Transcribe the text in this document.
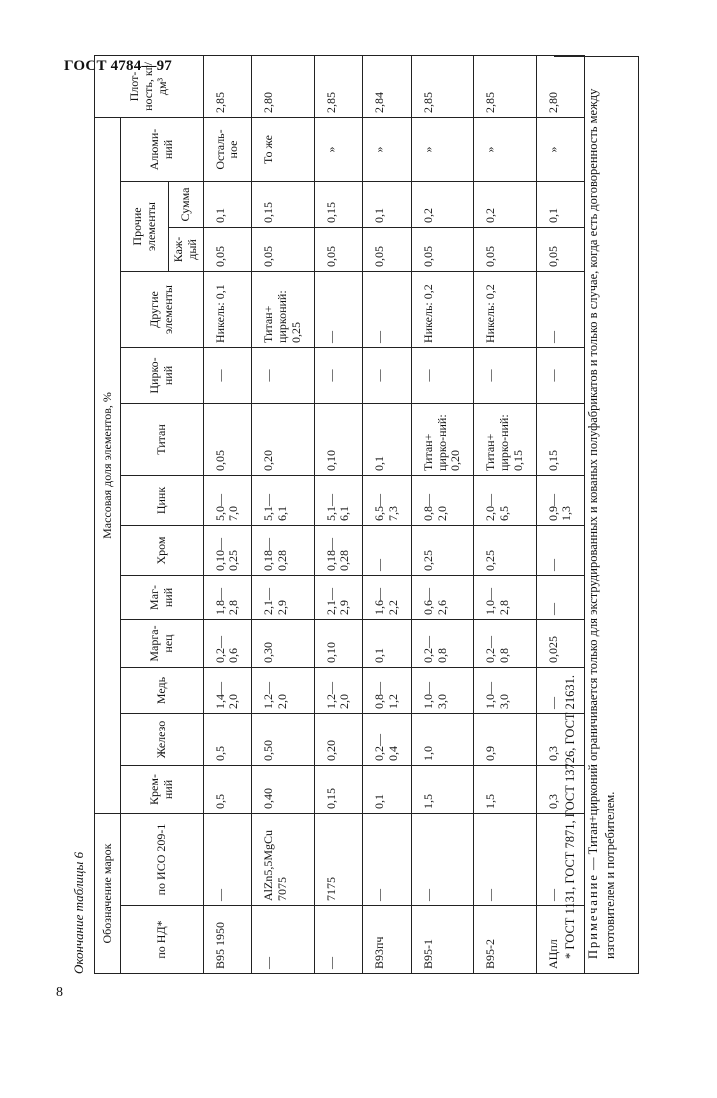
ГОСТ 4784—97
8
Окончание таблицы 6	Обозначение марок		Массовая доля элементов, %													Плот-ность, кг/дм³
по НД*	по ИСО 209-1	Крем-ний	Железо	Медь	Марга-нец	Маг-ний	Хром	Цинк	Титан	Цирко-ний	Другие элементы	Прочие элементы		Алюми-ний	
												Каж-дый	Сумма		
В95 1950	—	0,5	0,5	1,4— 2,0	0,2— 0,6	1,8— 2,8	0,10— 0,25	5,0— 7,0	0,05	—	Никель: 0,1	0,05	0,1	Осталь-ное	2,85
—	AlZn5,5MgCu 7075	0,40	0,50	1,2— 2,0	0,30	2,1— 2,9	0,18— 0,28	5,1— 6,1	0,20	—	Титан+ цирконий: 0,25	0,05	0,15	То же	2,80
—	7175	0,15	0,20	1,2— 2,0	0,10	2,1— 2,9	0,18— 0,28	5,1— 6,1	0,10	—	—	0,05	0,15	»	2,85
В93пч	—	0,1	0,2— 0,4	0,8— 1,2	0,1	1,6— 2,2	—	6,5— 7,3	0,1	—	—	0,05	0,1	»	2,84
В95-1	—	1,5	1,0	1,0— 3,0	0,2— 0,8	0,6— 2,6	0,25	0,8— 2,0	Титан+ цирко-ний: 0,20	—	Никель: 0,2	0,05	0,2	»	2,85
В95-2	—	1,5	0,9	1,0— 3,0	0,2— 0,8	1,0— 2,8	0,25	2,0— 6,5	Титан+ цирко-ний: 0,15	—	Никель: 0,2	0,05	0,2	»	2,85
АЦпл	—	0,3	0,3	—	0,025	—	—	0,9— 1,3	0,15	—	—	0,05	0,1	»	2,80

* ГОСТ 1131, ГОСТ 7871, ГОСТ 13726, ГОСТ 21631. Примечание — Титан+цирконий ограничивается только для экструдированных и кованых полуфабрикатов и только в случае, когда есть договоренность между изготовителем и потребителем.
